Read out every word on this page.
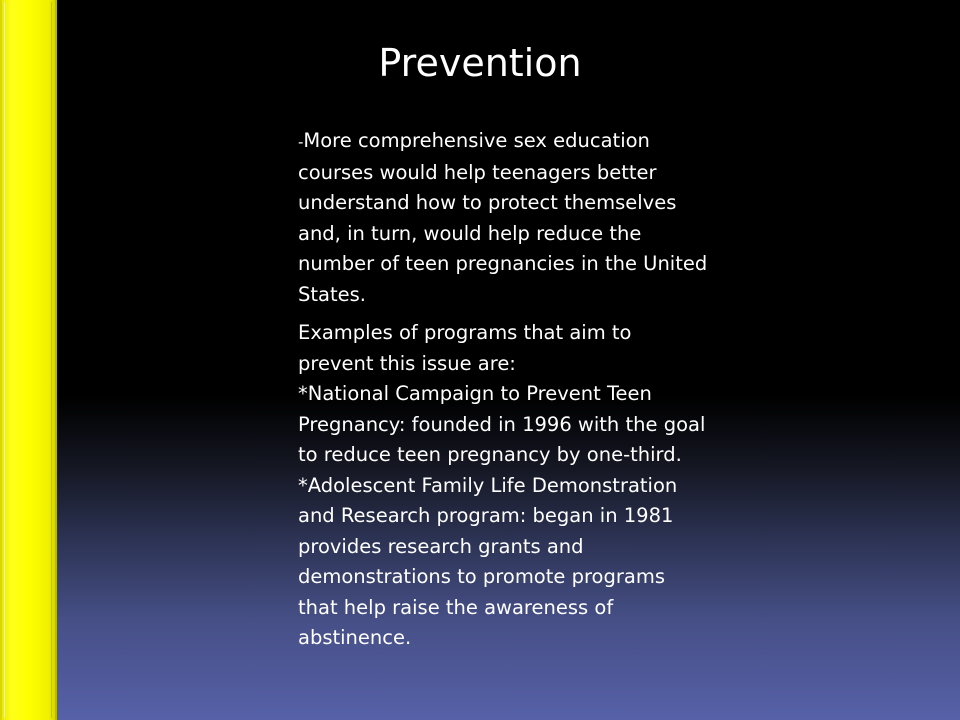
Prevention

-More comprehensive sex education
courses would help teenagers better
understand how to protect themselves
and, in turn, would help reduce the
number of teen pregnancies in the United
States.

Examples of programs that aim to
prevent this issue are:
*National Campaign to Prevent Teen
Pregnancy: founded in 1996 with the goal
to reduce teen pregnancy by one-third.
*Adolescent Family Life Demonstration
and Research program: began in 1981
provides research grants and
demonstrations to promote programs
that help raise the awareness of
abstinence.
